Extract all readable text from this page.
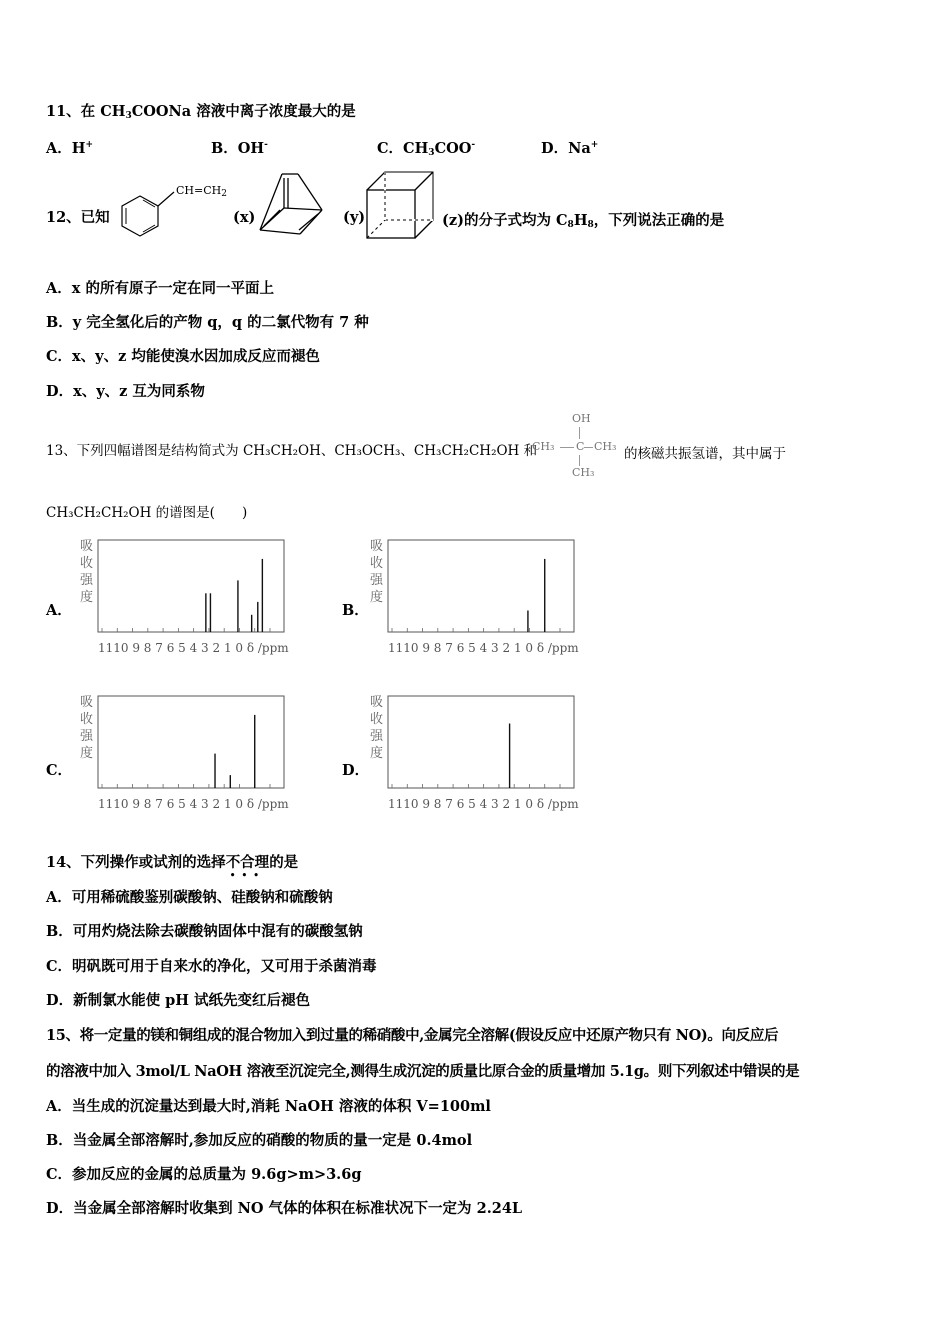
11、在 $CH_3COONa$ 溶液中离子浓度最大的是
A．H+	B．OH-	C．$CH_3COO^-$	D．Na+
12、已知
$CH=CH_2$
(x)	(y)	(z)的分子式均为 $C_8H_8$，下列说法正确的是
A．x 的所有原子一定在同一平面上
B．y 完全氢化后的产物 q，q 的二氯代物有 7 种
C．x、y、z 均能使溴水因加成反应而褪色
D．x、y、z 互为同系物
13、下列四幅谱图是结构简式为 CH₃CH₂OH、CH₃OCH₃、CH₃CH₂CH₂OH 和
OH
CH₃ C CH₃
CH₃
的核磁共振氢谱，其中属于
CH₃CH₂CH₂OH 的谱图是(　　)
A．	B．
C．	D．
吸
收
强
度
1110 9 8 7 6 5 4 3 2 1 0 δ /ppm
吸
收
强
度
1110 9 8 7 6 5 4 3 2 1 0 δ /ppm
吸
收
强
度
1110 9 8 7 6 5 4 3 2 1 0 δ /ppm
吸
收
强
度
1110 9 8 7 6 5 4 3 2 1 0 δ /ppm
14、下列操作或试剂的选择不合理
•••
的是
A．可用稀硫酸鉴别碳酸钠、硅酸钠和硫酸钠
B．可用灼烧法除去碳酸钠固体中混有的碳酸氢钠
C．明矾既可用于自来水的净化，又可用于杀菌消毒
D．新制氯水能使 pH 试纸先变红后褪色
15、将一定量的镁和铜组成的混合物加入到过量的稀硝酸中,金属完全溶解(假设反应中还原产物只有 NO)。向反应后
的溶液中加入 3mol/L NaOH 溶液至沉淀完全,测得生成沉淀的质量比原合金的质量增加 5.1g。则下列叙述中错误的是
A．当生成的沉淀量达到最大时,消耗 NaOH 溶液的体积 V=100ml
B．当金属全部溶解时,参加反应的硝酸的物质的量一定是 0.4mol
C．参加反应的金属的总质量为 9.6g>m>3.6g
D．当金属全部溶解时收集到 NO 气体的体积在标准状况下一定为 2.24L
